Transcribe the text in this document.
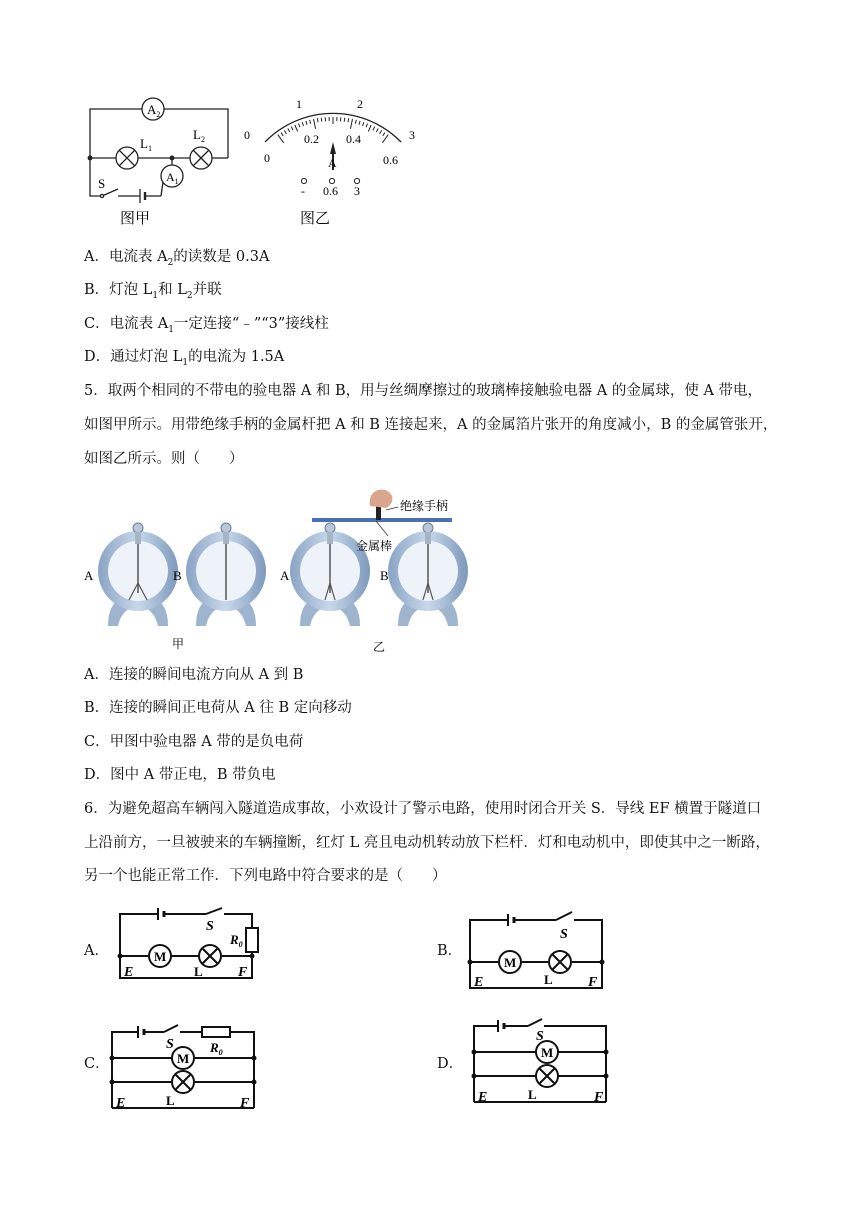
$A_2$
$L_1$
$L_2$
$A_1$
S
图甲
0
1	2
3
0
0.2 0.4
0.6
A
- 0.6 3
图乙
A．电流表 $A_2$的读数是 0.3A
B．灯泡 $L_1$和 $L_2$并联
C．电流表 $A_1$一定连接“﹣”“3”接线柱
D．通过灯泡 $L_1$的电流为 1.5A
5．取两个相同的不带电的验电器 A 和 B，用与丝绸摩擦过的玻璃棒接触验电器 A 的金属球，使 A 带电，
如图甲所示。用带绝缘手柄的金属杆把 A 和 B 连接起来，A 的金属箔片张开的角度减小，B 的金属管张开，
如图乙所示。则（　　）
绝缘手柄
金属棒
A	B	A	B
甲	乙
A．连接的瞬间电流方向从 A 到 B
B．连接的瞬间正电荷从 A 往 B 定向移动
C．甲图中验电器 A 带的是负电荷
D．图中 A 带正电，B 带负电
6．为避免超高车辆闯入隧道造成事故，小欢设计了警示电路，使用时闭合开关 S．导线 EF 横置于隧道口
上沿前方，一旦被驶来的车辆撞断，红灯 L 亮且电动机转动放下栏杆．灯和电动机中，即使其中之一断路，
另一个也能正常工作．下列电路中符合要求的是（　　）
A．	B．
C．	D．
M
S
$R_0$
L
E	F
M
S
L
E	F
M
S	$R_0$
L
E	F
M
S
L
E	F
